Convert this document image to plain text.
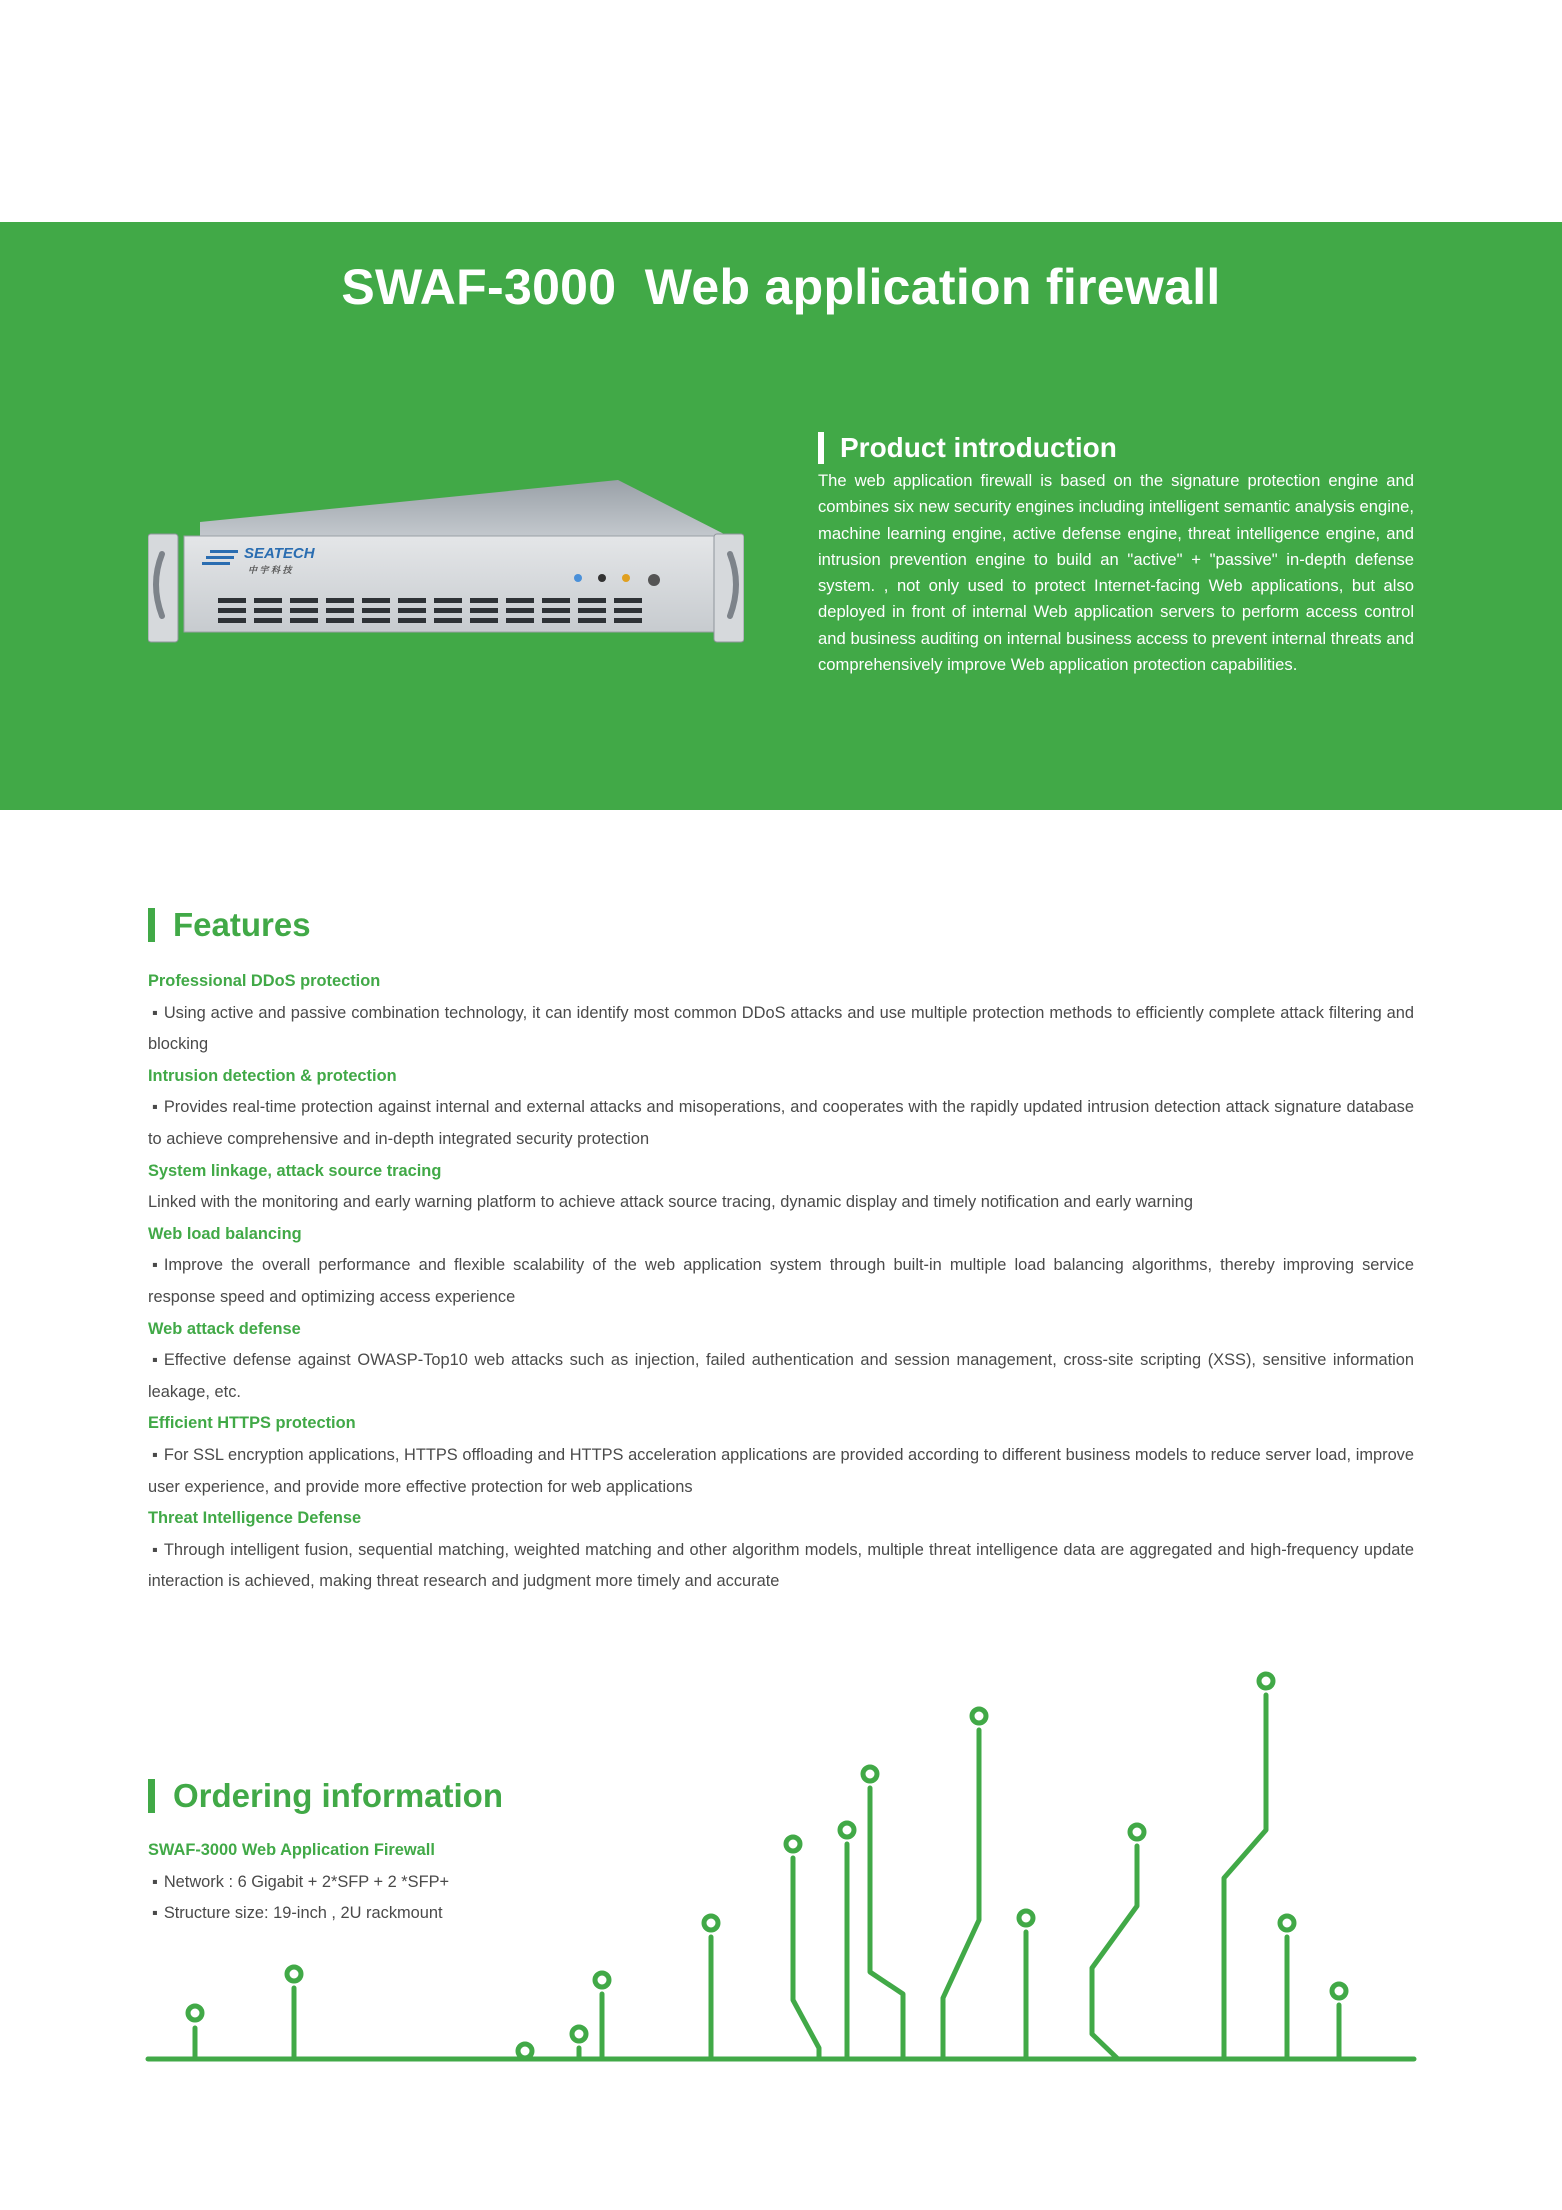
SWAF-3000  Web application firewall
SEATECH
中 宇 科 技
Product introduction

The web application firewall is based on the signature protection engine and combines six new security engines including intelligent semantic analysis engine, machine learning engine, active defense engine, threat intelligence engine, and intrusion prevention engine to build an "active" + "passive" in-depth defense system. , not only used to protect Internet-facing Web applications, but also deployed in front of internal Web application servers to perform access control and business auditing on internal business access to prevent internal threats and comprehensively improve Web application protection capabilities.

Features
Professional DDoS protection
▪ Using active and passive combination technology, it can identify most common DDoS attacks and use multiple protection methods to efficiently complete attack filtering and blocking
Intrusion detection & protection
▪ Provides real-time protection against internal and external attacks and misoperations, and cooperates with the rapidly updated intrusion detection attack signature database to achieve comprehensive and in-depth integrated security protection
System linkage, attack source tracing
Linked with the monitoring and early warning platform to achieve attack source tracing, dynamic display and timely notification and early warning
Web load balancing
▪ Improve the overall performance and flexible scalability of the web application system through built-in multiple load balancing algorithms, thereby improving service response speed and optimizing access experience
Web attack defense
▪ Effective defense against OWASP-Top10 web attacks such as injection, failed authentication and session management, cross-site scripting (XSS), sensitive information leakage, etc.
Efficient HTTPS protection
▪ For SSL encryption applications, HTTPS offloading and HTTPS acceleration applications are provided according to different business models to reduce server load, improve user experience, and provide more effective protection for web applications
Threat Intelligence Defense
▪ Through intelligent fusion, sequential matching, weighted matching and other algorithm models, multiple threat intelligence data are aggregated and high-frequency update interaction is achieved, making threat research and judgment more timely and accurate
Ordering information
SWAF-3000 Web Application Firewall
▪ Network : 6 Gigabit + 2*SFP + 2 *SFP+
▪ Structure size: 19-inch , 2U rackmount
